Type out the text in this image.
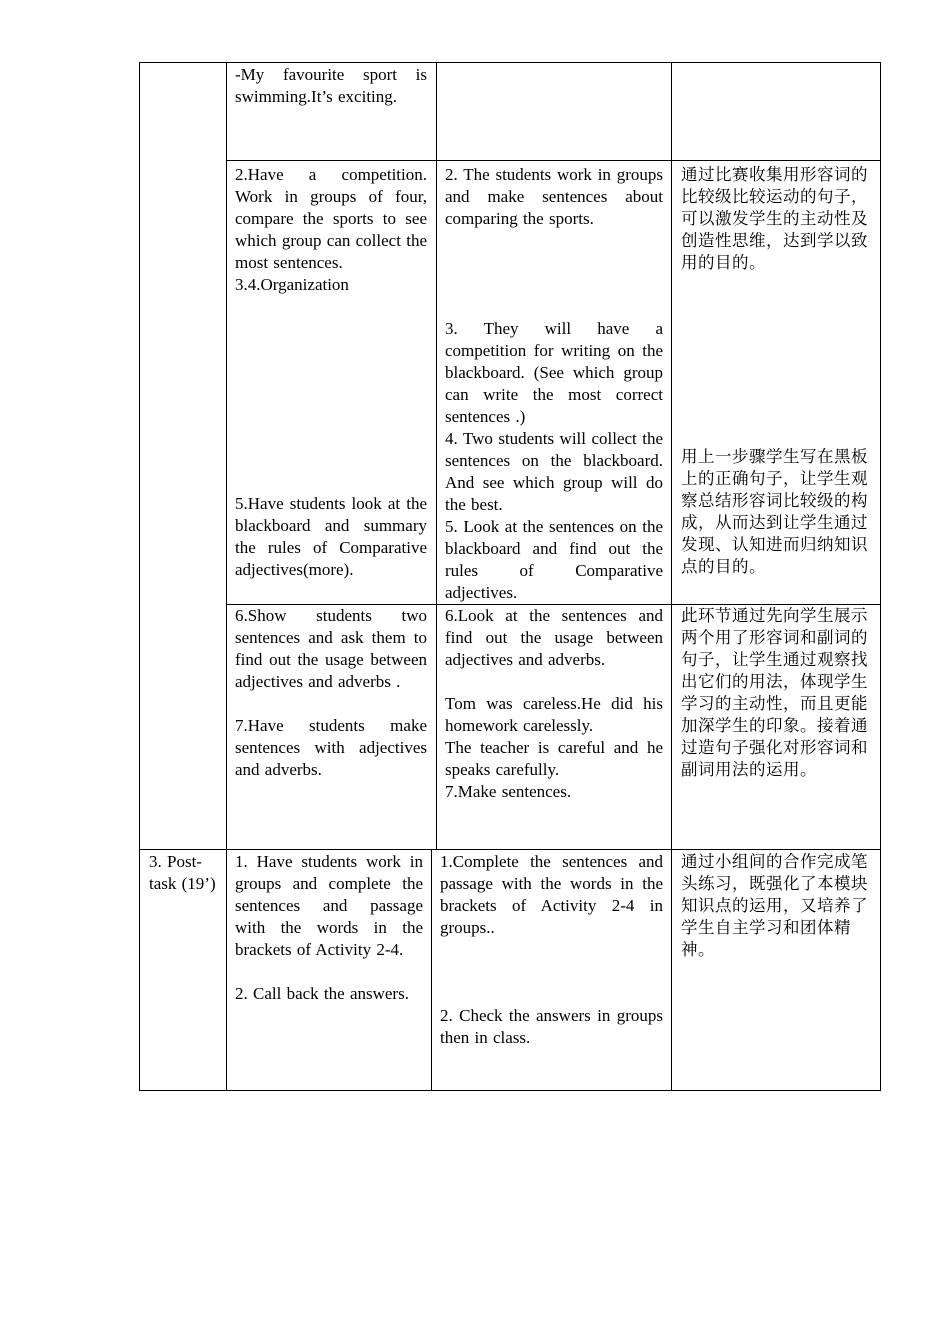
-My favourite sport is swimming.It’s exciting.

2.Have a competition. Work in groups of four, compare the sports to see which group can collect the most sentences.

3.4.Organization

5.Have students look at the blackboard and summary the rules of Comparative adjectives(more).

2. The students work in groups and make sentences about comparing the sports.

3. They will have a competition for writing on the blackboard. (See which group can write the most correct sentences .)

4. Two students will collect the sentences on the blackboard. And see which group will do the best.

5. Look at the sentences on the blackboard and find out the rules of Comparative adjectives.

通过比赛收集用形容词的比较级比较运动的句子，可以激发学生的主动性及创造性思维，达到学以致用的目的。

用上一步骤学生写在黑板上的正确句子，让学生观察总结形容词比较级的构成，从而达到让学生通过发现、认知进而归纳知识点的目的。

6.Show students two sentences and ask them to find out the usage between adjectives and adverbs .

7.Have students make sentences with adjectives and adverbs.

6.Look at the sentences and find out the usage between adjectives and adverbs.

Tom was careless.He did his homework carelessly.

The teacher is careful and he speaks carefully.

7.Make sentences.

此环节通过先向学生展示两个用了形容词和副词的句子，让学生通过观察找出它们的用法，体现学生学习的主动性，而且更能加深学生的印象。接着通过造句子强化对形容词和副词用法的运用。

3. Post-task (19’)

1. Have students work in groups and complete the sentences and passage with the words in the brackets of Activity 2-4.

2. Call back the answers.

1.Complete the sentences and passage with the words in the brackets of Activity 2-4 in groups..

2. Check the answers in groups then in class.

通过小组间的合作完成笔头练习，既强化了本模块知识点的运用，又培养了学生自主学习和团体精神。
